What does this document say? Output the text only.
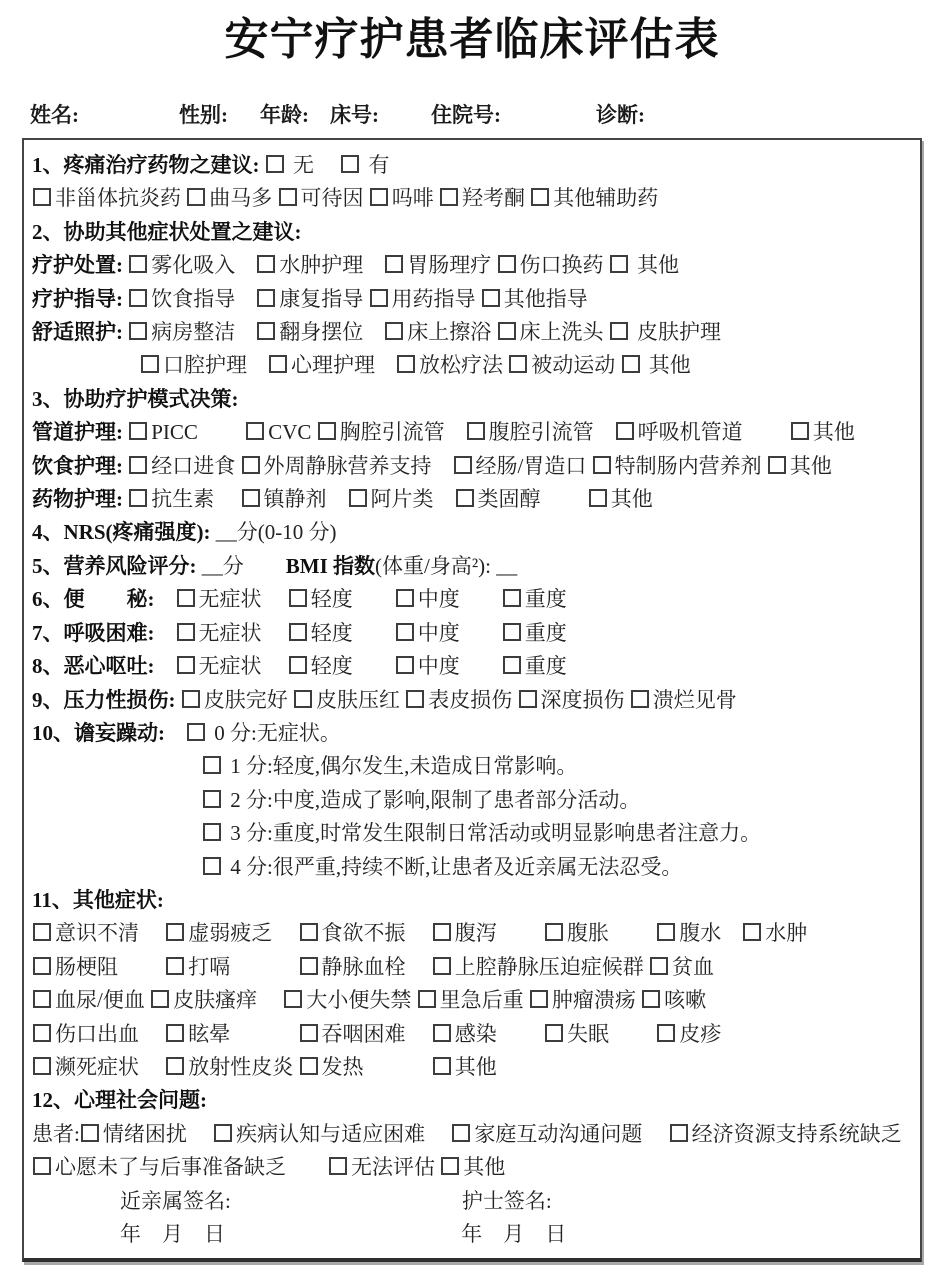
安宁疗护患者临床评估表
姓名:	性别: 年龄: 床号: 住院号:	诊断:
1、疼痛治疗药物之建议:  无　  有
非甾体抗炎药 曲马多 可待因 吗啡 羟考酮 其他辅助药
2、协助其他症状处置之建议:
疗护处置: 雾化吸入　水肿护理　胃肠理疗 伤口换药  其他
疗护指导: 饮食指导　康复指导 用药指导 其他指导
舒适照护: 病房整洁　翻身摆位　床上擦浴 床上洗头  皮肤护理
口腔护理　心理护理　放松疗法 被动运动  其他
3、协助疗护模式决策:
管道护理: PICC　　 CVC 胸腔引流管　腹腔引流管　呼吸机管道　　 其他
饮食护理: 经口进食 外周静脉营养支持　经肠/胃造口 特制肠内营养剂 其他
药物护理: 抗生素　 镇静剂　阿片类　类固醇　　 其他
4、NRS(疼痛强度): __分(0-10 分)
5、营养风险评分: __分　　BMI 指数(体重/身高²): __
6、便　　秘:　 无症状　 轻度　　中度　　重度
7、呼吸困难:　 无症状　 轻度　　中度　　重度
8、恶心呕吐:　 无症状　 轻度　　中度　　重度
9、压力性损伤: 皮肤完好 皮肤压红 表皮损伤 深度损伤 溃烂见骨
10、谵妄躁动:　 0 分:无症状。
1 分:轻度,偶尔发生,未造成日常影响。
2 分:中度,造成了影响,限制了患者部分活动。
3 分:重度,时常发生限制日常活动或明显影响患者注意力。
4 分:很严重,持续不断,让患者及近亲属无法忍受。
11、其他症状:
意识不清　 虚弱疲乏　 食欲不振　 腹泻　　 腹胀　　 腹水　水肿
肠梗阻　　 打嗝　　　 静脉血栓　 上腔静脉压迫症候群 贫血
血尿/便血 皮肤瘙痒　 大小便失禁 里急后重 肿瘤溃疡 咳嗽
伤口出血　 眩晕　　　 吞咽困难　 感染　　 失眠　　 皮疹
濒死症状　 放射性皮炎 发热　　　 其他
12、心理社会问题:
患者: 情绪困扰　 疾病认知与适应困难　 家庭互动沟通问题　 经济资源支持系统缺乏
心愿未了与后事准备缺乏　　无法评估 其他
近亲属签名:　　　　　　　　　　　护士签名:
年　月　日　　　　　　　　　　　 年　月　日
